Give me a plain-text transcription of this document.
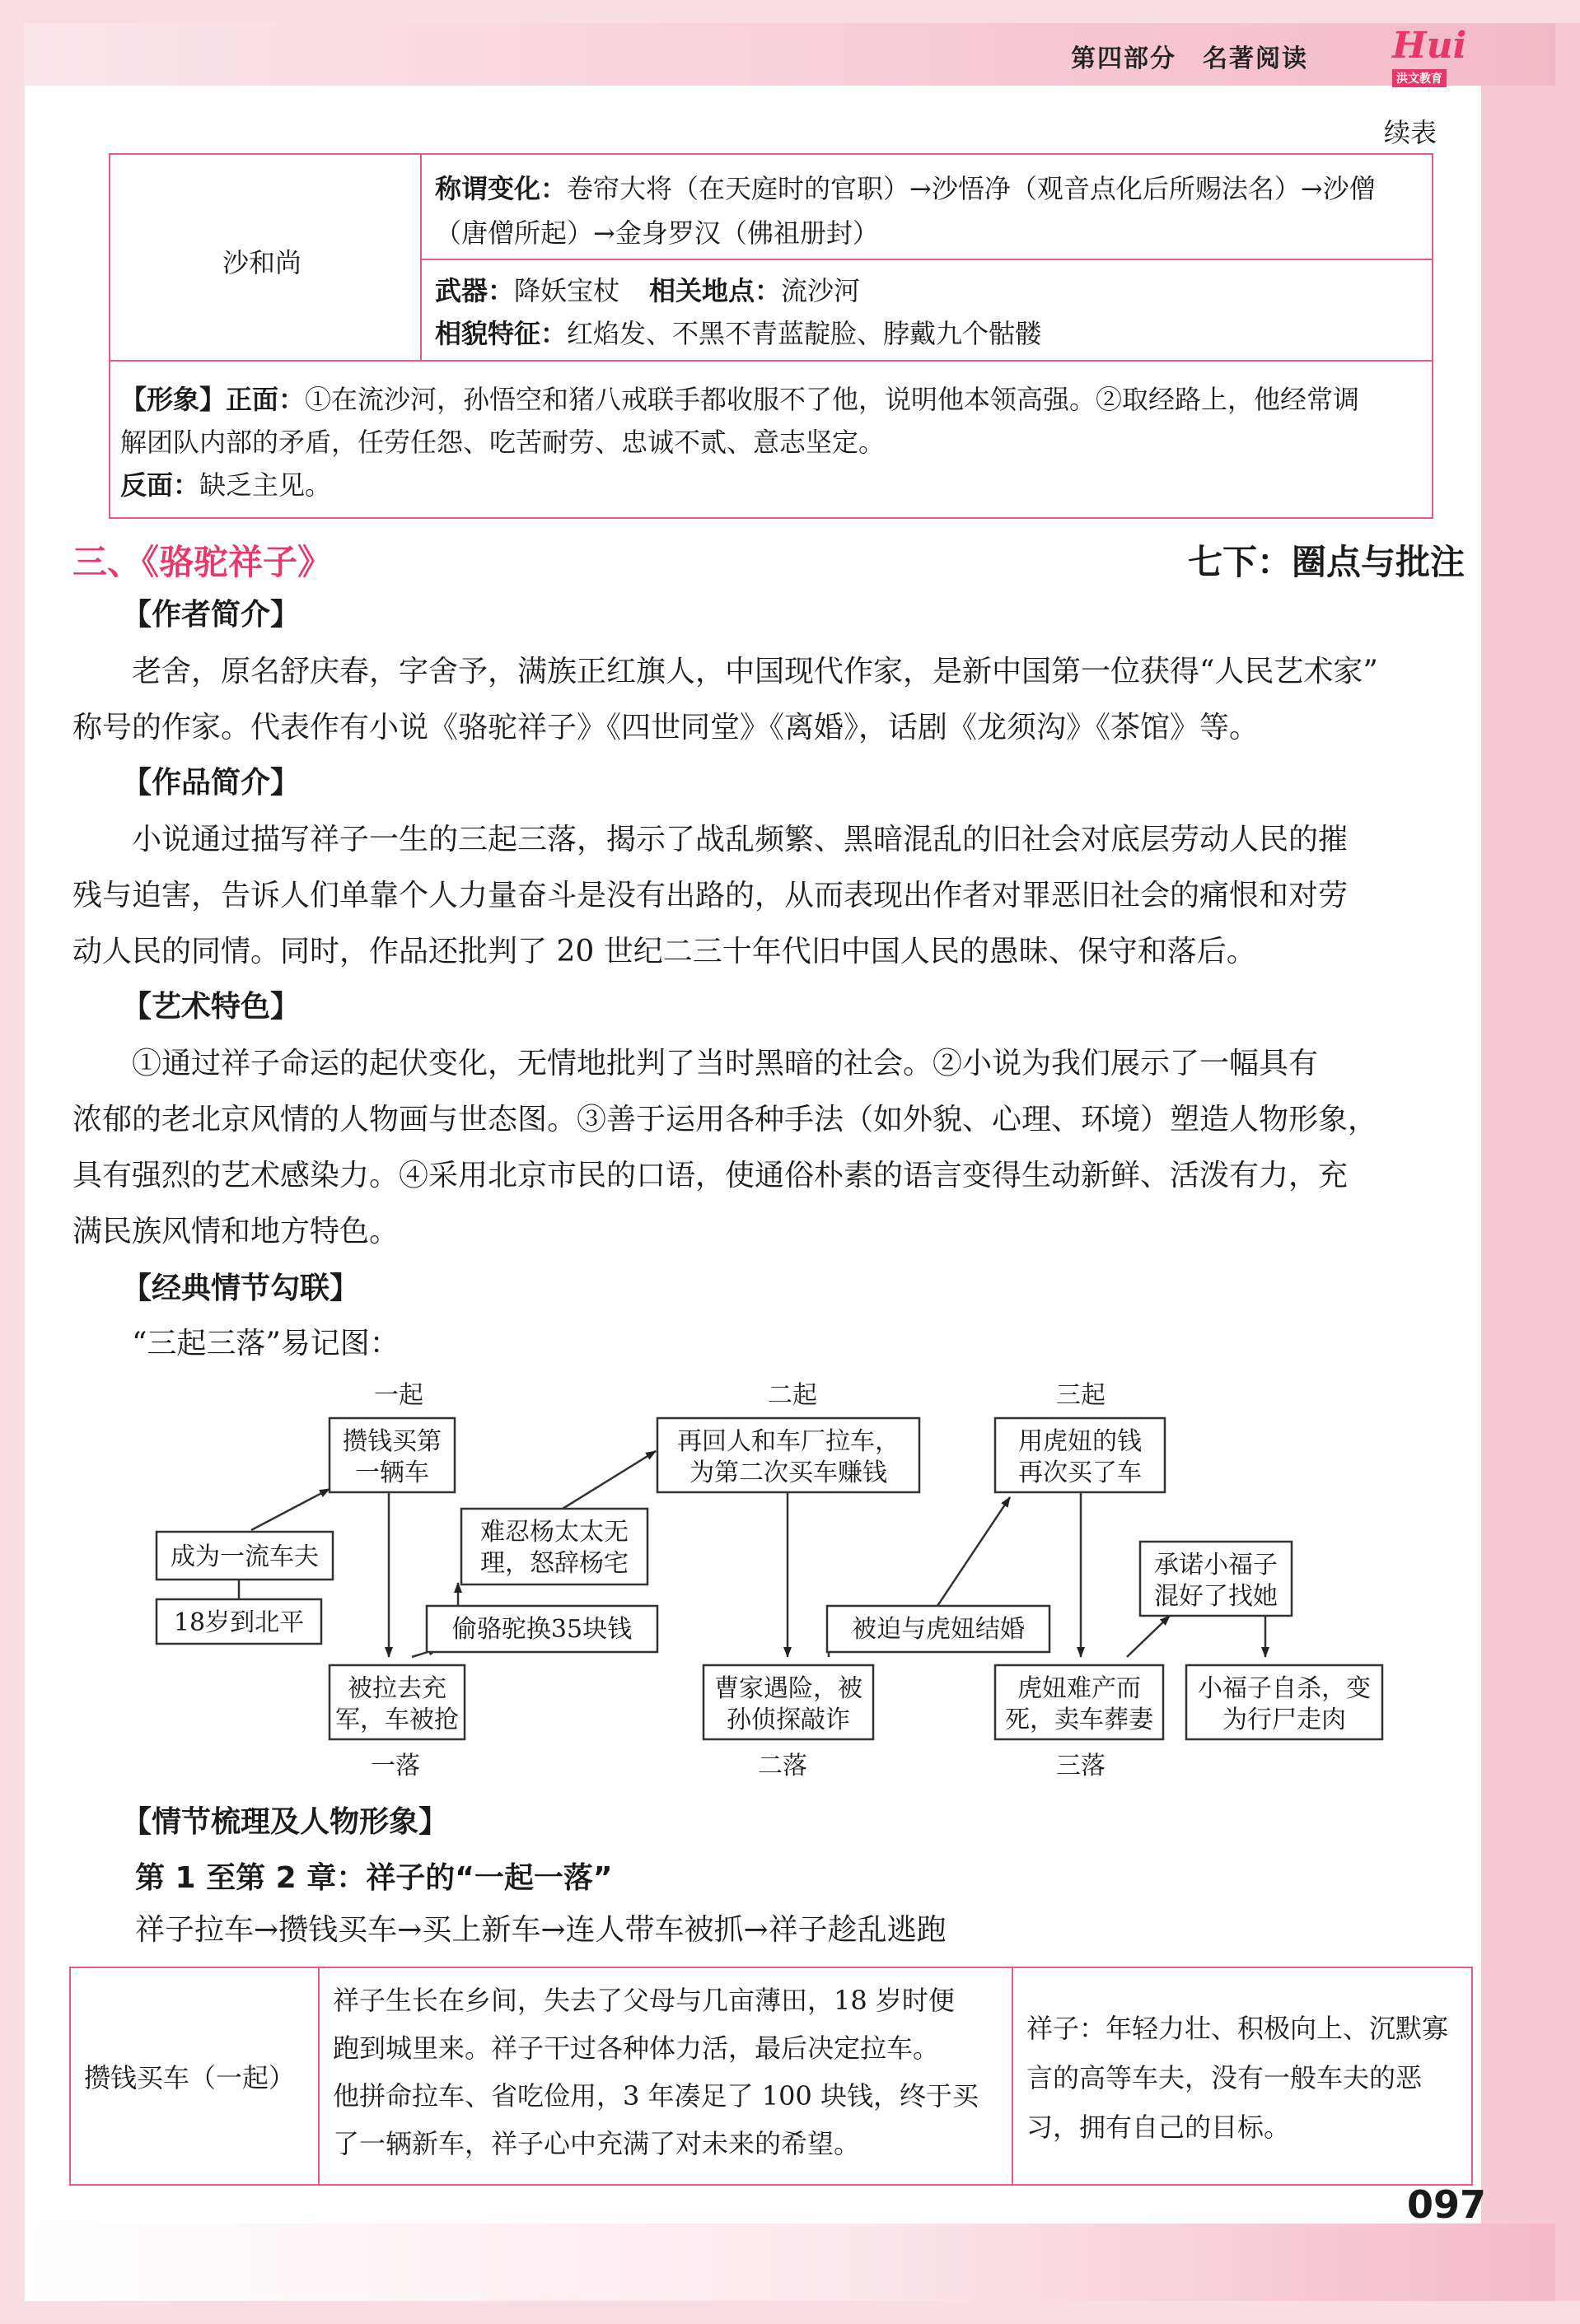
第四部分　名著阅读 Hui
洪文教育
续表
沙和尚
称谓变化：卷帘大将（在天庭时的官职）→沙悟净（观音点化后所赐法名）→沙僧
（唐僧所起）→金身罗汉（佛祖册封）
武器：降妖宝杖 相关地点：流沙河
相貌特征：红焰发、不黑不青蓝靛脸、脖戴九个骷髅
【形象】正面：①在流沙河，孙悟空和猪八戒联手都收服不了他，说明他本领高强。②取经路上，他经常调
解团队内部的矛盾，任劳任怨、吃苦耐劳、忠诚不贰、意志坚定。
反面：缺乏主见。
三、《骆驼祥子》	七下：圈点与批注
【作者简介】
老舍，原名舒庆春，字舍予，满族正红旗人，中国现代作家，是新中国第一位获得“人民艺术家”
称号的作家。代表作有小说《骆驼祥子》《四世同堂》《离婚》，话剧《龙须沟》《茶馆》等。
【作品简介】
小说通过描写祥子一生的三起三落，揭示了战乱频繁、黑暗混乱的旧社会对底层劳动人民的摧
残与迫害，告诉人们单靠个人力量奋斗是没有出路的，从而表现出作者对罪恶旧社会的痛恨和对劳
动人民的同情。同时，作品还批判了 20 世纪二三十年代旧中国人民的愚昧、保守和落后。
【艺术特色】
①通过祥子命运的起伏变化，无情地批判了当时黑暗的社会。②小说为我们展示了一幅具有
浓郁的老北京风情的人物画与世态图。③善于运用各种手法（如外貌、心理、环境）塑造人物形象，
具有强烈的艺术感染力。④采用北京市民的口语，使通俗朴素的语言变得生动新鲜、活泼有力，充
满民族风情和地方特色。
【经典情节勾联】
“三起三落”易记图：
一起	二起	三起
一落	二落	三落
18岁到北平
成为一流车夫
攒钱买第
一辆车
被拉去充
军，车被抢
偷骆驼换35块钱
难忍杨太太无
理，怒辞杨宅
再回人和车厂拉车，
为第二次买车赚钱
曹家遇险，被
孙侦探敲诈
被迫与虎妞结婚
用虎妞的钱
再次买了车
虎妞难产而
死，卖车葬妻
承诺小福子
混好了找她
小福子自杀，变
为行尸走肉
【情节梳理及人物形象】
第 1 至第 2 章：祥子的“一起一落”
祥子拉车→攒钱买车→买上新车→连人带车被抓→祥子趁乱逃跑
攒钱买车（一起）
祥子生长在乡间，失去了父母与几亩薄田，18 岁时便
跑到城里来。祥子干过各种体力活，最后决定拉车。
他拼命拉车、省吃俭用，3 年凑足了 100 块钱，终于买
了一辆新车，祥子心中充满了对未来的希望。
祥子：年轻力壮、积极向上、沉默寡
言的高等车夫，没有一般车夫的恶
习，拥有自己的目标。
097
